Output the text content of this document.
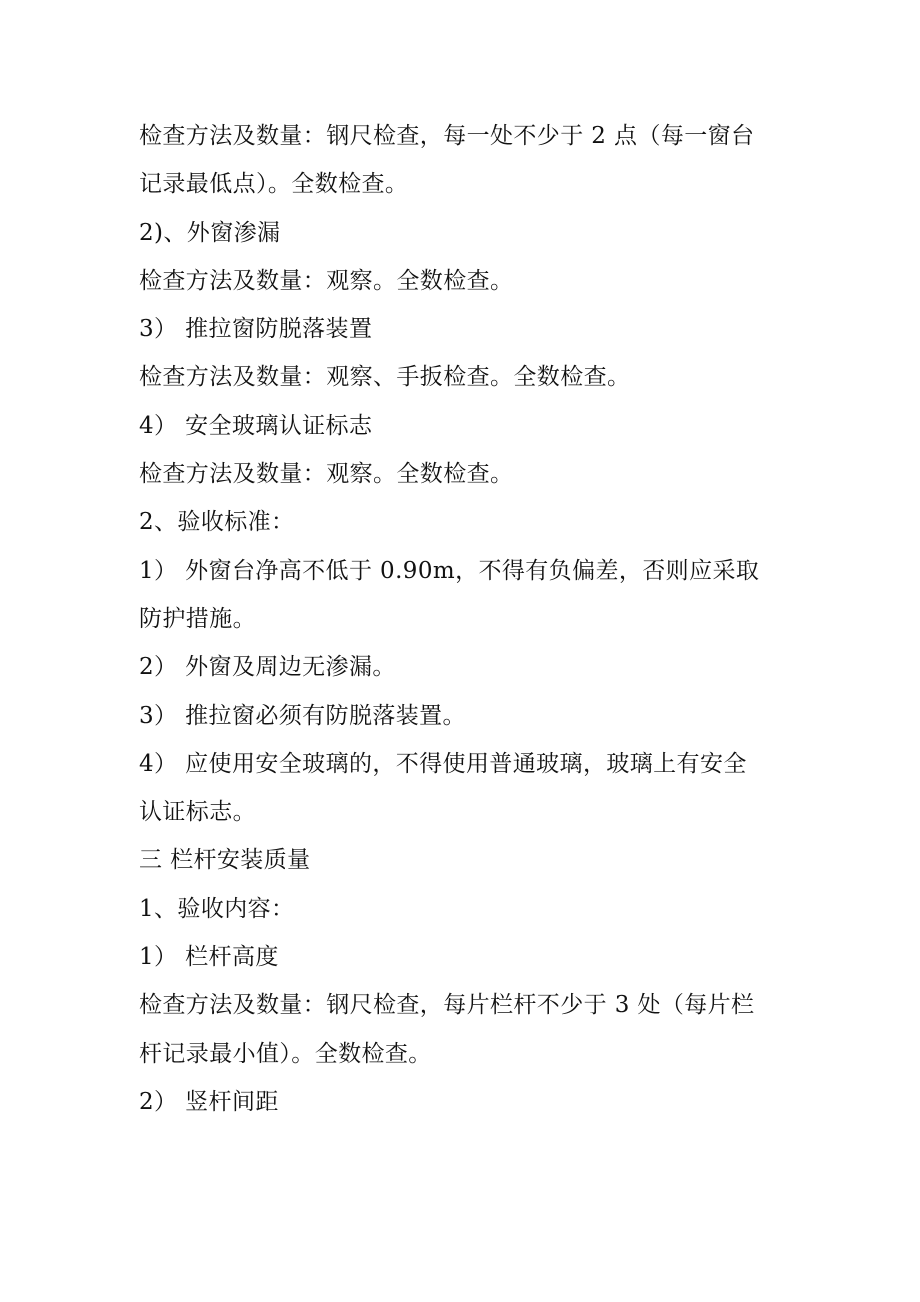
检查方法及数量：钢尺检查，每一处不少于 2 点（每一窗台
记录最低点）。全数检查。
2)、外窗渗漏
检查方法及数量：观察。全数检查。
3） 推拉窗防脱落装置
检查方法及数量：观察、手扳检查。全数检查。
4） 安全玻璃认证标志
检查方法及数量：观察。全数检查。
2、验收标准：
1） 外窗台净高不低于 0.90m，不得有负偏差，否则应采取
防护措施。
2） 外窗及周边无渗漏。
3） 推拉窗必须有防脱落装置。
4） 应使用安全玻璃的，不得使用普通玻璃，玻璃上有安全
认证标志。
三 栏杆安装质量
1、验收内容：
1） 栏杆高度
检查方法及数量：钢尺检查，每片栏杆不少于 3 处（每片栏
杆记录最小值）。全数检查。
2） 竖杆间距
